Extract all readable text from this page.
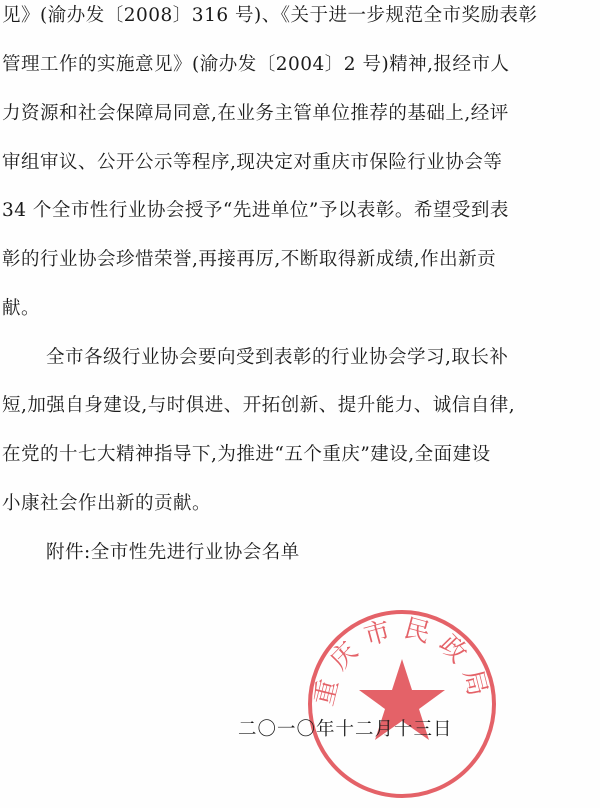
见》(渝办发〔2008〕316 号)、《关于进一步规范全市奖励表彰
管理工作的实施意见》(渝办发〔2004〕2 号)精神,报经市人
力资源和社会保障局同意,在业务主管单位推荐的基础上,经评
审组审议、公开公示等程序,现决定对重庆市保险行业协会等
34 个全市性行业协会授予“先进单位”予以表彰。希望受到表
彰的行业协会珍惜荣誉,再接再厉,不断取得新成绩,作出新贡
献。
全市各级行业协会要向受到表彰的行业协会学习,取长补
短,加强自身建设,与时俱进、开拓创新、提升能力、诚信自律,
在党的十七大精神指导下,为推进“五个重庆”建设,全面建设
小康社会作出新的贡献。
附件:全市性先进行业协会名单
重庆市民政局
二〇一〇年十二月十三日
